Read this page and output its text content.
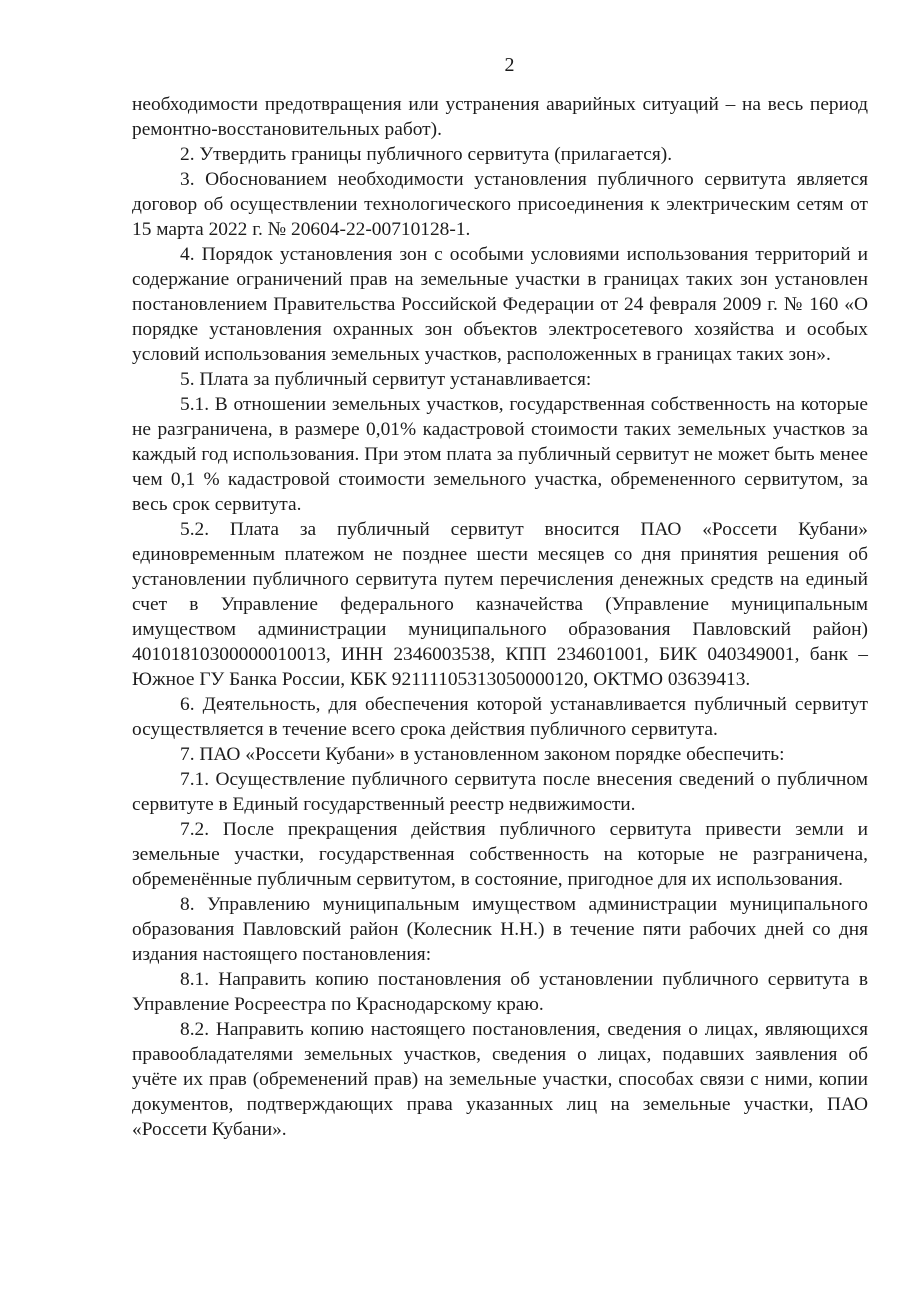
2

необходимости предотвращения или устранения аварийных ситуаций – на весь период ремонтно-восстановительных работ).

2. Утвердить границы публичного сервитута (прилагается).

3. Обоснованием необходимости установления публичного сервитута является договор об осуществлении технологического присоединения к электрическим сетям от 15 марта 2022 г. № 20604-22-00710128-1.

4. Порядок установления зон с особыми условиями использования территорий и содержание ограничений прав на земельные участки в границах таких зон установлен постановлением Правительства Российской Федерации от 24 февраля 2009 г. № 160 «О порядке установления охранных зон объектов электросетевого хозяйства и особых условий использования земельных участков, расположенных в границах таких зон».

5. Плата за публичный сервитут устанавливается:

5.1. В отношении земельных участков, государственная собственность на которые не разграничена, в размере 0,01% кадастровой стоимости таких земельных участков за каждый год использования. При этом плата за публичный сервитут не может быть менее чем 0,1 % кадастровой стоимости земельного участка, обремененного сервитутом, за весь срок сервитута.

5.2. Плата за публичный сервитут вносится ПАО «Россети Кубани» единовременным платежом не позднее шести месяцев со дня принятия решения об установлении публичного сервитута путем перечисления денежных средств на единый счет в Управление федерального казначейства (Управление муниципальным имуществом администрации муниципального образования Павловский район) 40101810300000010013, ИНН 2346003538, КПП 234601001, БИК 040349001, банк – Южное ГУ Банка России, КБК 92111105313050000120, ОКТМО 03639413.

6. Деятельность, для обеспечения которой устанавливается публичный сервитут осуществляется в течение всего срока действия публичного сервитута.

7. ПАО «Россети Кубани» в установленном законом порядке обеспечить:

7.1. Осуществление публичного сервитута после внесения сведений о публичном сервитуте в Единый государственный реестр недвижимости.

7.2. После прекращения действия публичного сервитута привести земли и земельные участки, государственная собственность на которые не разграничена, обременённые публичным сервитутом, в состояние, пригодное для их использования.

8. Управлению муниципальным имуществом администрации муниципального образования Павловский район (Колесник Н.Н.) в течение пяти рабочих дней со дня издания настоящего постановления:

8.1. Направить копию постановления об установлении публичного сервитута в Управление Росреестра по Краснодарскому краю.

8.2. Направить копию настоящего постановления, сведения о лицах, являющихся правообладателями земельных участков, сведения о лицах, подавших заявления об учёте их прав (обременений прав) на земельные участки, способах связи с ними, копии документов, подтверждающих права указанных лиц на земельные участки, ПАО «Россети Кубани».
